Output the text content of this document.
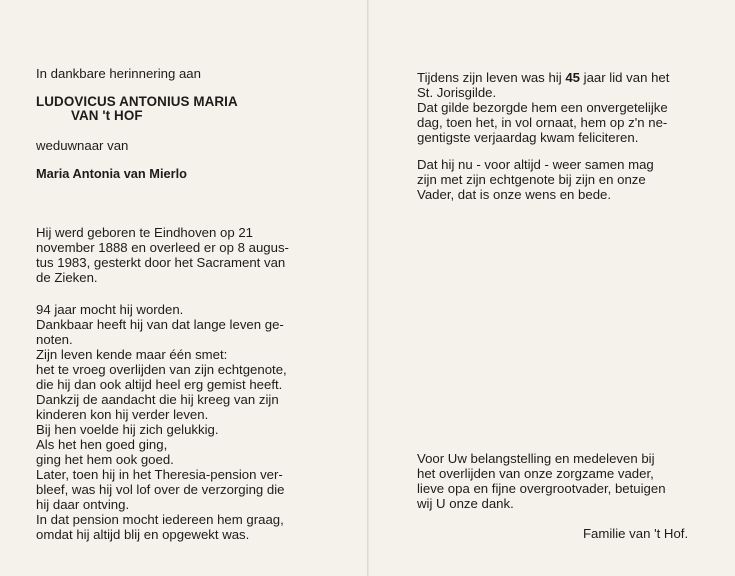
In dankbare herinnering aan
LUDOVICUS ANTONIUS MARIA
VAN 't HOF
weduwnaar van
Maria Antonia van Mierlo
Hij werd geboren te Eindhoven op 21
november 1888 en overleed er op 8 augus-
tus 1983, gesterkt door het Sacrament van
de Zieken.
94 jaar mocht hij worden.
Dankbaar heeft hij van dat lange leven ge-
noten.
Zijn leven kende maar één smet:
het te vroeg overlijden van zijn echtgenote,
die hij dan ook altijd heel erg gemist heeft.
Dankzij de aandacht die hij kreeg van zijn
kinderen kon hij verder leven.
Bij hen voelde hij zich gelukkig.
Als het hen goed ging,
ging het hem ook goed.
Later, toen hij in het Theresia-pension ver-
bleef, was hij vol lof over de verzorging die
hij daar ontving.
In dat pension mocht iedereen hem graag,
omdat hij altijd blij en opgewekt was.
Tijdens zijn leven was hij 45 jaar lid van het
St. Jorisgilde.
Dat gilde bezorgde hem een onvergetelijke
dag, toen het, in vol ornaat, hem op z'n ne-
gentigste verjaardag kwam feliciteren.
Dat hij nu - voor altijd - weer samen mag
zijn met zijn echtgenote bij zijn en onze
Vader, dat is onze wens en bede.
Voor Uw belangstelling en medeleven bij
het overlijden van onze zorgzame vader,
lieve opa en fijne overgrootvader, betuigen
wij U onze dank.
Familie van 't Hof.
